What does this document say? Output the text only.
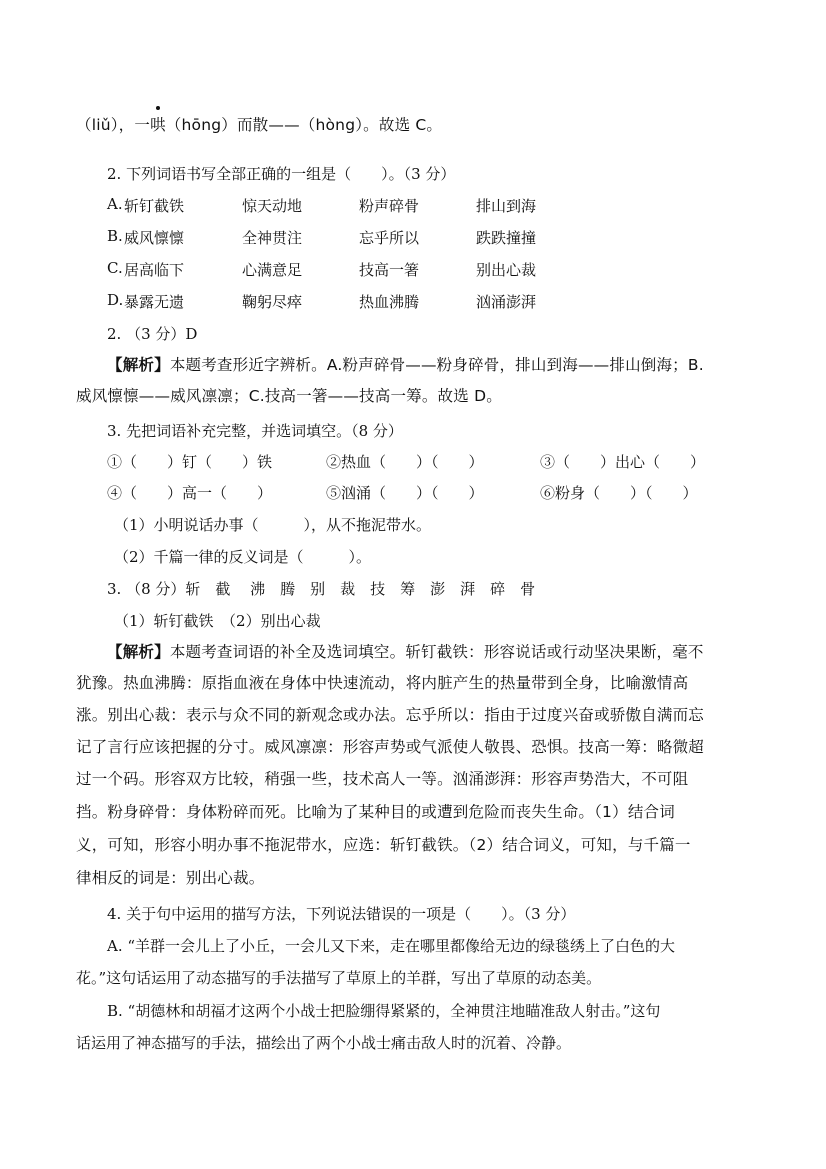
（liǔ），一哄（hōng）而散——（hòng）。故选 C。
2. 下列词语书写全部正确的一组是（　　）。（3 分）
A. 斩钉截铁	惊天动地	粉声碎骨	排山到海
B. 威风懔懔	全神贯注	忘乎所以	跌跌撞撞
C. 居高临下	心满意足	技高一箸	别出心裁
D. 暴露无遗	鞠躬尽瘁	热血沸腾	汹涌澎湃
2. （3 分）D
【解析】本题考查形近字辨析。A.粉声碎骨——粉身碎骨，排山到海——排山倒海；B.
威风懔懔——威风凛凛；C.技高一箸——技高一筹。故选 D。
3. 先把词语补充完整，并选词填空。（8 分）
①（　　）钉（　　）铁	②热血（　　）（　　）	③（　　）出心（　　）
④（　　）高一（　　）	⑤汹涌（　　）（　　）	⑥粉身（　　）（　　）
（1）小明说话办事（　　　），从不拖泥带水。
（2）千篇一律的反义词是（　　　）。
3. （8 分）斩　截　 沸　腾　别　裁　技　筹　澎　湃　碎　骨
（1）斩钉截铁　（2）别出心裁
【解析】本题考查词语的补全及选词填空。斩钉截铁：形容说话或行动坚决果断，毫不
犹豫。热血沸腾：原指血液在身体中快速流动，将内脏产生的热量带到全身，比喻激情高
涨。别出心裁：表示与众不同的新观念或办法。忘乎所以：指由于过度兴奋或骄傲自满而忘
记了言行应该把握的分寸。威风凛凛：形容声势或气派使人敬畏、恐惧。技高一筹：略微超
过一个码。形容双方比较，稍强一些，技术高人一等。汹涌澎湃：形容声势浩大，不可阻
挡。粉身碎骨：身体粉碎而死。比喻为了某种目的或遭到危险而丧失生命。（1）结合词
义，可知，形容小明办事不拖泥带水，应选：斩钉截铁。（2）结合词义，可知，与千篇一
律相反的词是：别出心裁。
4. 关于句中运用的描写方法，下列说法错误的一项是（　　）。（3 分）
A. “羊群一会儿上了小丘，一会儿又下来，走在哪里都像给无边的绿毯绣上了白色的大
花。”这句话运用了动态描写的手法描写了草原上的羊群，写出了草原的动态美。
B. “胡德林和胡福才这两个小战士把脸绷得紧紧的，全神贯注地瞄准敌人射击。”这句
话运用了神态描写的手法，描绘出了两个小战士痛击敌人时的沉着、冷静。
